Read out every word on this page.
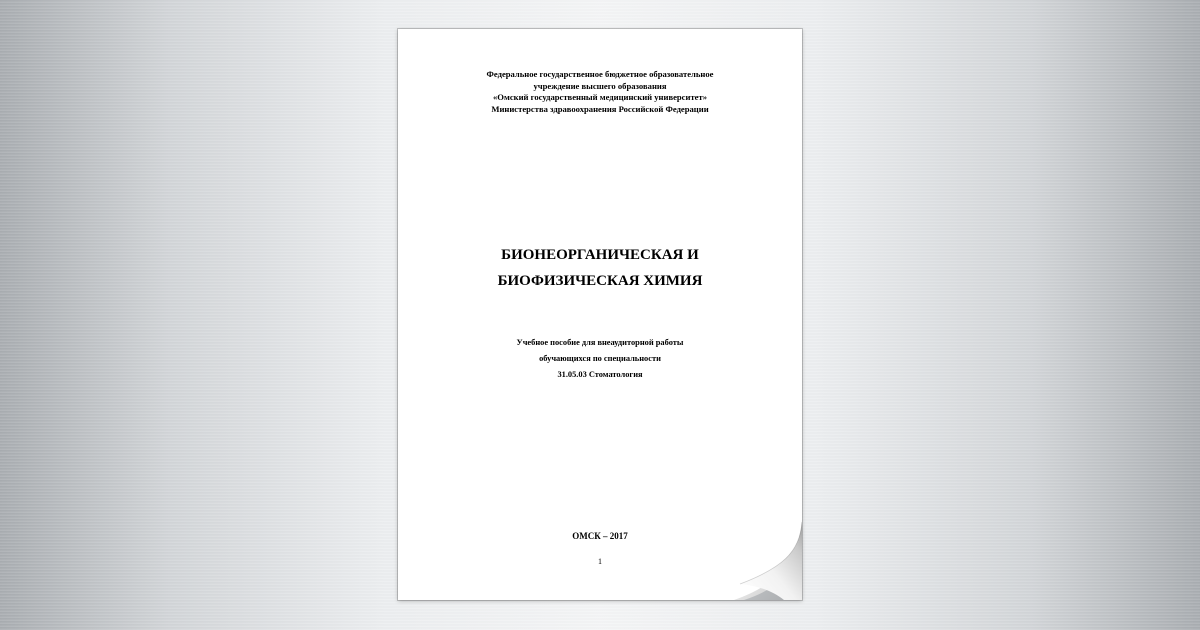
Федеральное государственное бюджетное образовательное
учреждение высшего образования
«Омский государственный медицинский университет»
Министерства здравоохранения Российской Федерации
БИОНЕОРГАНИЧЕСКАЯ И
БИОФИЗИЧЕСКАЯ ХИМИЯ
Учебное пособие для внеаудиторной работы
обучающихся по специальности
31.05.03 Стоматология
ОМСК – 2017
1
